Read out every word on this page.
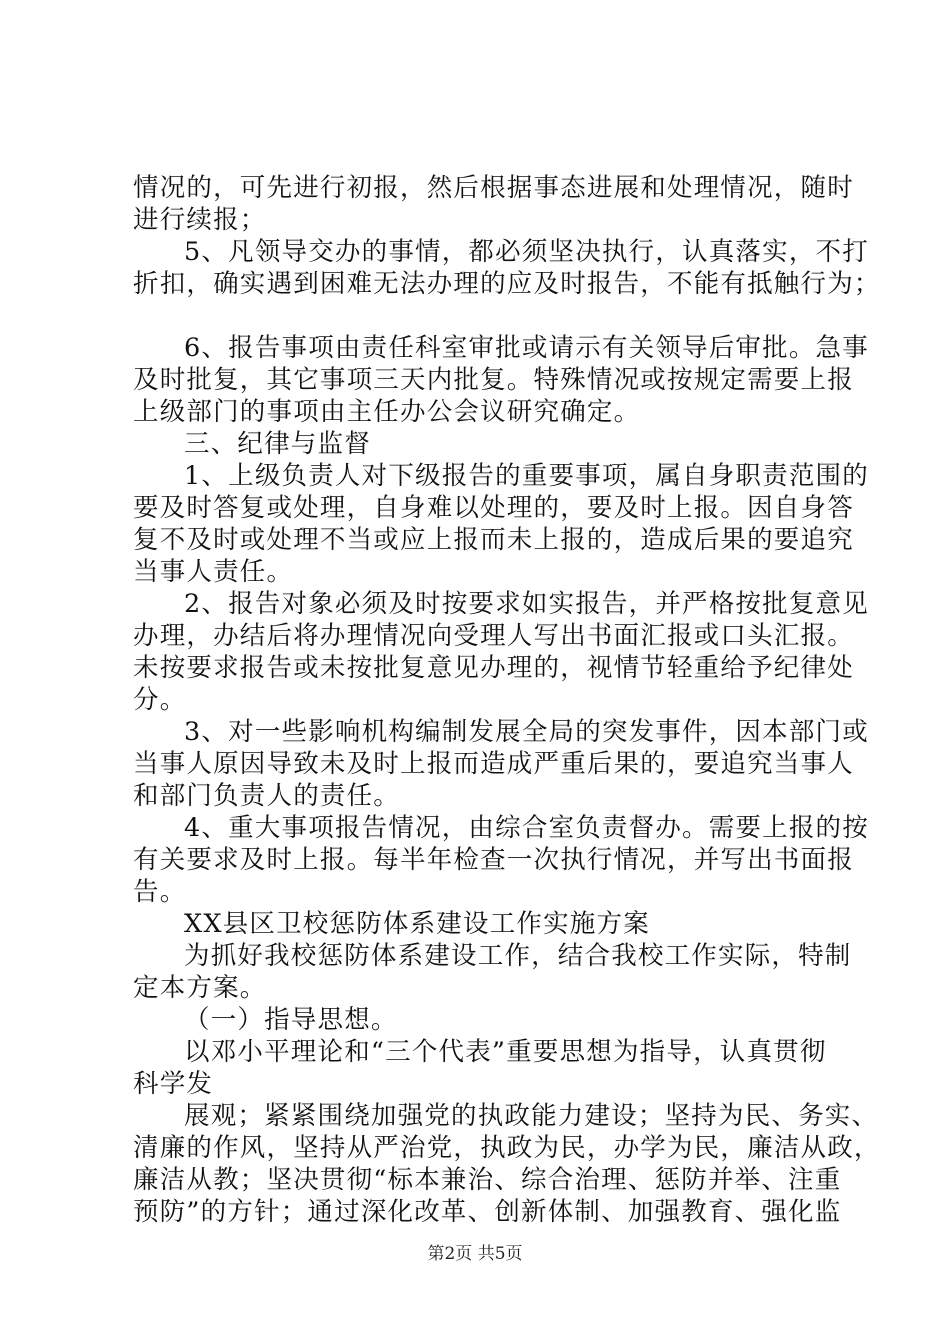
情况的，可先进行初报，然后根据事态进展和处理情况，随时

进行续报；

5、凡领导交办的事情，都必须坚决执行，认真落实，不打

折扣，确实遇到困难无法办理的应及时报告，不能有抵触行为；

6、报告事项由责任科室审批或请示有关领导后审批。急事

及时批复，其它事项三天内批复。特殊情况或按规定需要上报

上级部门的事项由主任办公会议研究确定。

三、纪律与监督

1、上级负责人对下级报告的重要事项，属自身职责范围的

要及时答复或处理，自身难以处理的，要及时上报。因自身答

复不及时或处理不当或应上报而未上报的，造成后果的要追究

当事人责任。

2、报告对象必须及时按要求如实报告，并严格按批复意见

办理，办结后将办理情况向受理人写出书面汇报或口头汇报。

未按要求报告或未按批复意见办理的，视情节轻重给予纪律处

分。

3、对一些影响机构编制发展全局的突发事件，因本部门或

当事人原因导致未及时上报而造成严重后果的，要追究当事人

和部门负责人的责任。

4、重大事项报告情况，由综合室负责督办。需要上报的按

有关要求及时上报。每半年检查一次执行情况，并写出书面报

告。

XX县区卫校惩防体系建设工作实施方案

为抓好我校惩防体系建设工作，结合我校工作实际，特制

定本方案。

（一）指导思想。

以邓小平理论和“三个代表”重要思想为指导，认真贯彻

科学发

展观；紧紧围绕加强党的执政能力建设；坚持为民、务实、

清廉的作风，坚持从严治党，执政为民，办学为民，廉洁从政，

廉洁从教；坚决贯彻“标本兼治、综合治理、惩防并举、注重

预防”的方针；通过深化改革、创新体制、加强教育、强化监

第2页 共5页
